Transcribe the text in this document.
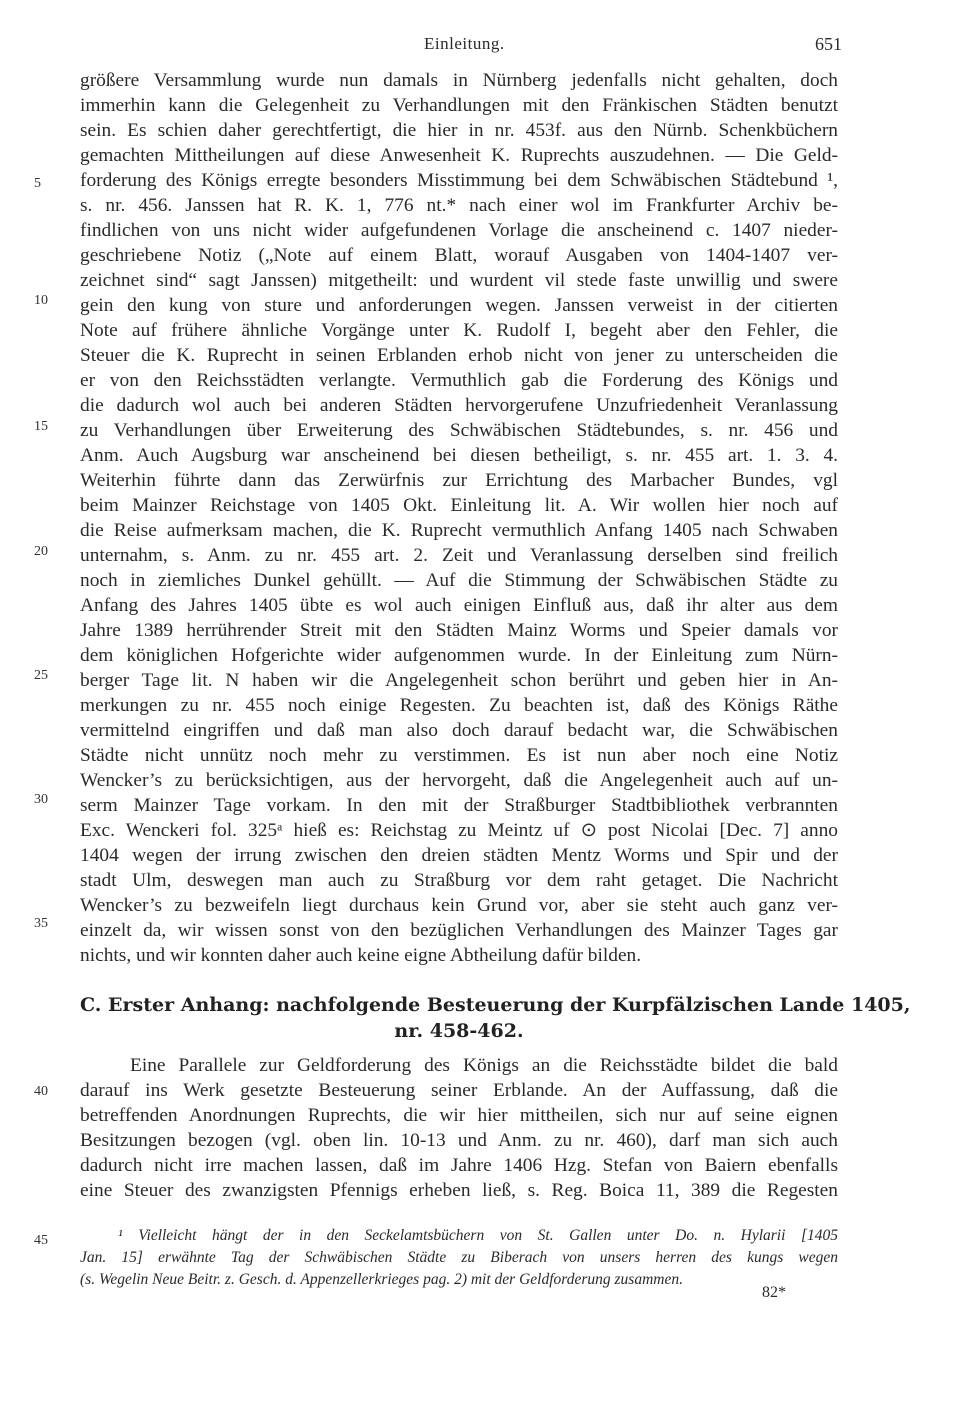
Einleitung.	651
5
10
15
20
25
30
35
40
45
größere Versammlung wurde nun damals in Nürnberg jedenfalls nicht gehalten, doch
immerhin kann die Gelegenheit zu Verhandlungen mit den Fränkischen Städten benutzt
sein. Es schien daher gerechtfertigt, die hier in nr. 453f. aus den Nürnb. Schenkbüchern
gemachten Mittheilungen auf diese Anwesenheit K. Ruprechts auszudehnen. — Die Geld-
forderung des Königs erregte besonders Misstimmung bei dem Schwäbischen Städtebund ¹,
s. nr. 456. Janssen hat R. K. 1, 776 nt.* nach einer wol im Frankfurter Archiv be-
findlichen von uns nicht wider aufgefundenen Vorlage die anscheinend c. 1407 nieder-
geschriebene Notiz („Note auf einem Blatt, worauf Ausgaben von 1404-1407 ver-
zeichnet sind“ sagt Janssen) mitgetheilt: und wurdent vil stede faste unwillig und swere
gein den kung von sture und anforderungen wegen. Janssen verweist in der citierten
Note auf frühere ähnliche Vorgänge unter K. Rudolf I, begeht aber den Fehler, die
Steuer die K. Ruprecht in seinen Erblanden erhob nicht von jener zu unterscheiden die
er von den Reichsstädten verlangte. Vermuthlich gab die Forderung des Königs und
die dadurch wol auch bei anderen Städten hervorgerufene Unzufriedenheit Veranlassung
zu Verhandlungen über Erweiterung des Schwäbischen Städtebundes, s. nr. 456 und
Anm. Auch Augsburg war anscheinend bei diesen betheiligt, s. nr. 455 art. 1. 3. 4.
Weiterhin führte dann das Zerwürfnis zur Errichtung des Marbacher Bundes, vgl
beim Mainzer Reichstage von 1405 Okt. Einleitung lit. A. Wir wollen hier noch auf
die Reise aufmerksam machen, die K. Ruprecht vermuthlich Anfang 1405 nach Schwaben
unternahm, s. Anm. zu nr. 455 art. 2. Zeit und Veranlassung derselben sind freilich
noch in ziemliches Dunkel gehüllt. — Auf die Stimmung der Schwäbischen Städte zu
Anfang des Jahres 1405 übte es wol auch einigen Einfluß aus, daß ihr alter aus dem
Jahre 1389 herrührender Streit mit den Städten Mainz Worms und Speier damals vor
dem königlichen Hofgerichte wider aufgenommen wurde. In der Einleitung zum Nürn-
berger Tage lit. N haben wir die Angelegenheit schon berührt und geben hier in An-
merkungen zu nr. 455 noch einige Regesten. Zu beachten ist, daß des Königs Räthe
vermittelnd eingriffen und daß man also doch darauf bedacht war, die Schwäbischen
Städte nicht unnütz noch mehr zu verstimmen. Es ist nun aber noch eine Notiz
Wencker’s zu berücksichtigen, aus der hervorgeht, daß die Angelegenheit auch auf un-
serm Mainzer Tage vorkam. In den mit der Straßburger Stadtbibliothek verbrannten
Exc. Wenckeri fol. 325ᵃ hieß es: Reichstag zu Meintz uf ⊙ post Nicolai [Dec. 7] anno
1404 wegen der irrung zwischen den dreien städten Mentz Worms und Spir und der
stadt Ulm, deswegen man auch zu Straßburg vor dem raht getaget. Die Nachricht
Wencker’s zu bezweifeln liegt durchaus kein Grund vor, aber sie steht auch ganz ver-
einzelt da, wir wissen sonst von den bezüglichen Verhandlungen des Mainzer Tages gar
nichts, und wir konnten daher auch keine eigne Abtheilung dafür bilden.
C. Erster Anhang: nachfolgende Besteuerung der Kurpfälzischen Lande 1405,
nr. 458-462.
Eine Parallele zur Geldforderung des Königs an die Reichsstädte bildet die bald
darauf ins Werk gesetzte Besteuerung seiner Erblande. An der Auffassung, daß die
betreffenden Anordnungen Ruprechts, die wir hier mittheilen, sich nur auf seine eignen
Besitzungen bezogen (vgl. oben lin. 10-13 und Anm. zu nr. 460), darf man sich auch
dadurch nicht irre machen lassen, daß im Jahre 1406 Hzg. Stefan von Baiern ebenfalls
eine Steuer des zwanzigsten Pfennigs erheben ließ, s. Reg. Boica 11, 389 die Regesten
¹ Vielleicht hängt der in den Seckelamtsbüchern von St. Gallen unter Do. n. Hylarii [1405
Jan. 15] erwähnte Tag der Schwäbischen Städte zu Biberach von unsers herren des kungs wegen
(s. Wegelin Neue Beitr. z. Gesch. d. Appenzellerkrieges pag. 2) mit der Geldforderung zusammen.
82*
